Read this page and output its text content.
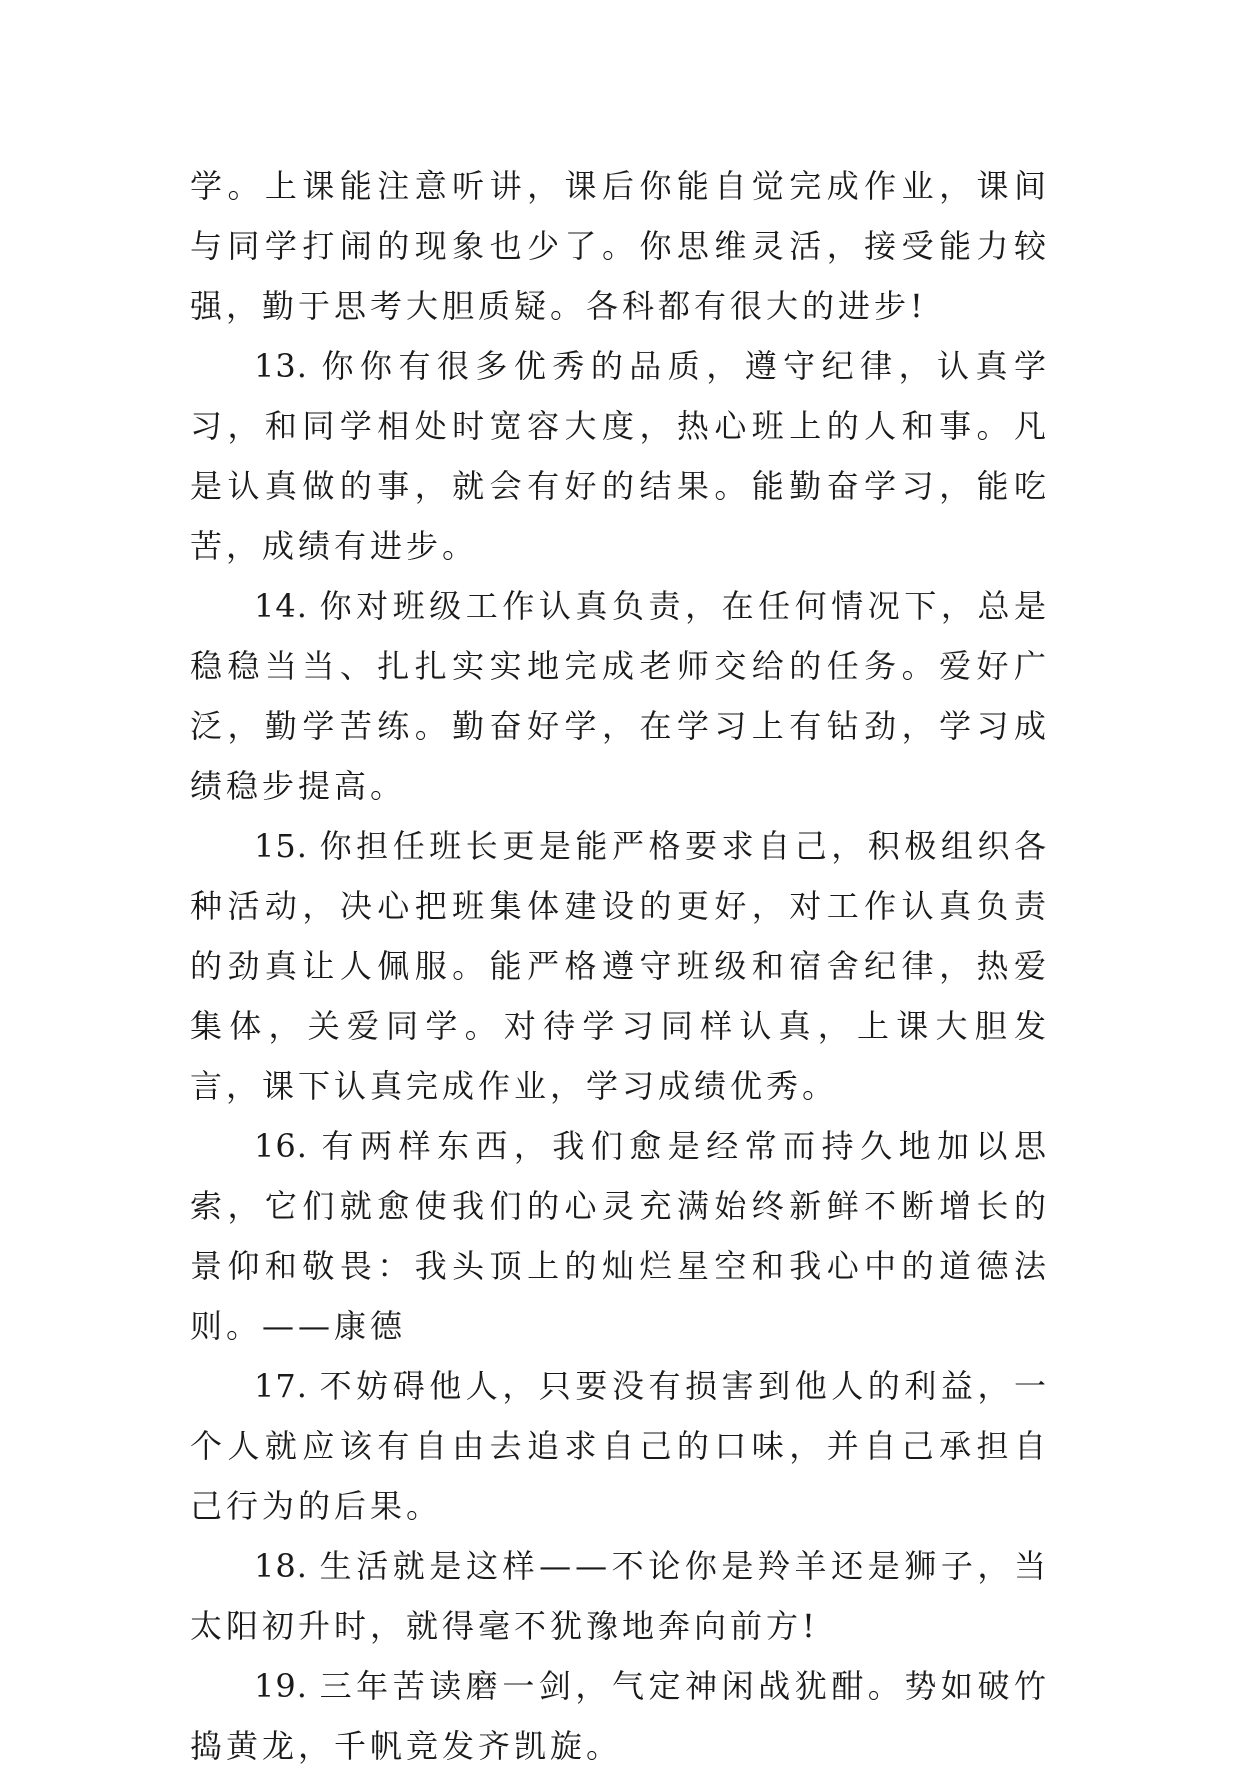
学。上课能注意听讲，课后你能自觉完成作业，课间与同学打闹的现象也少了。你思维灵活，接受能力较强，勤于思考大胆质疑。各科都有很大的进步!

13. 你你有很多优秀的品质，遵守纪律，认真学习，和同学相处时宽容大度，热心班上的人和事。凡是认真做的事，就会有好的结果。能勤奋学习，能吃苦，成绩有进步。

14. 你对班级工作认真负责，在任何情况下，总是稳稳当当、扎扎实实地完成老师交给的任务。爱好广泛，勤学苦练。勤奋好学，在学习上有钻劲，学习成绩稳步提高。

15. 你担任班长更是能严格要求自己，积极组织各种活动，决心把班集体建设的更好，对工作认真负责的劲真让人佩服。能严格遵守班级和宿舍纪律，热爱集体，关爱同学。对待学习同样认真，上课大胆发言，课下认真完成作业，学习成绩优秀。

16. 有两样东西，我们愈是经常而持久地加以思索，它们就愈使我们的心灵充满始终新鲜不断增长的景仰和敬畏：我头顶上的灿烂星空和我心中的道德法则。——康德

17. 不妨碍他人，只要没有损害到他人的利益，一个人就应该有自由去追求自己的口味，并自己承担自己行为的后果。

18. 生活就是这样——不论你是羚羊还是狮子，当太阳初升时，就得毫不犹豫地奔向前方!

19. 三年苦读磨一剑，气定神闲战犹酣。势如破竹捣黄龙，千帆竞发齐凯旋。
